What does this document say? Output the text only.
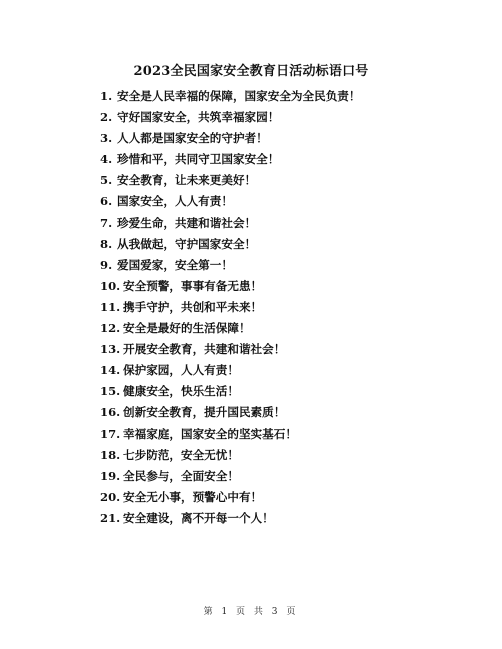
2023全民国家安全教育日活动标语口号
1. 安全是人民幸福的保障，国家安全为全民负责！
2. 守好国家安全，共筑幸福家园！
3. 人人都是国家安全的守护者！
4. 珍惜和平，共同守卫国家安全！
5. 安全教育，让未来更美好！
6. 国家安全，人人有责！
7. 珍爱生命，共建和谐社会！
8. 从我做起，守护国家安全！
9. 爱国爱家，安全第一！
10. 安全预警，事事有备无患！
11. 携手守护，共创和平未来！
12. 安全是最好的生活保障！
13. 开展安全教育，共建和谐社会！
14. 保护家园，人人有责！
15. 健康安全，快乐生活！
16. 创新安全教育，提升国民素质！
17. 幸福家庭，国家安全的坚实基石！
18. 七步防范，安全无忧！
19. 全民参与，全面安全！
20. 安全无小事，预警心中有！
21. 安全建设，离不开每一个人！
第 1 页 共 3 页
